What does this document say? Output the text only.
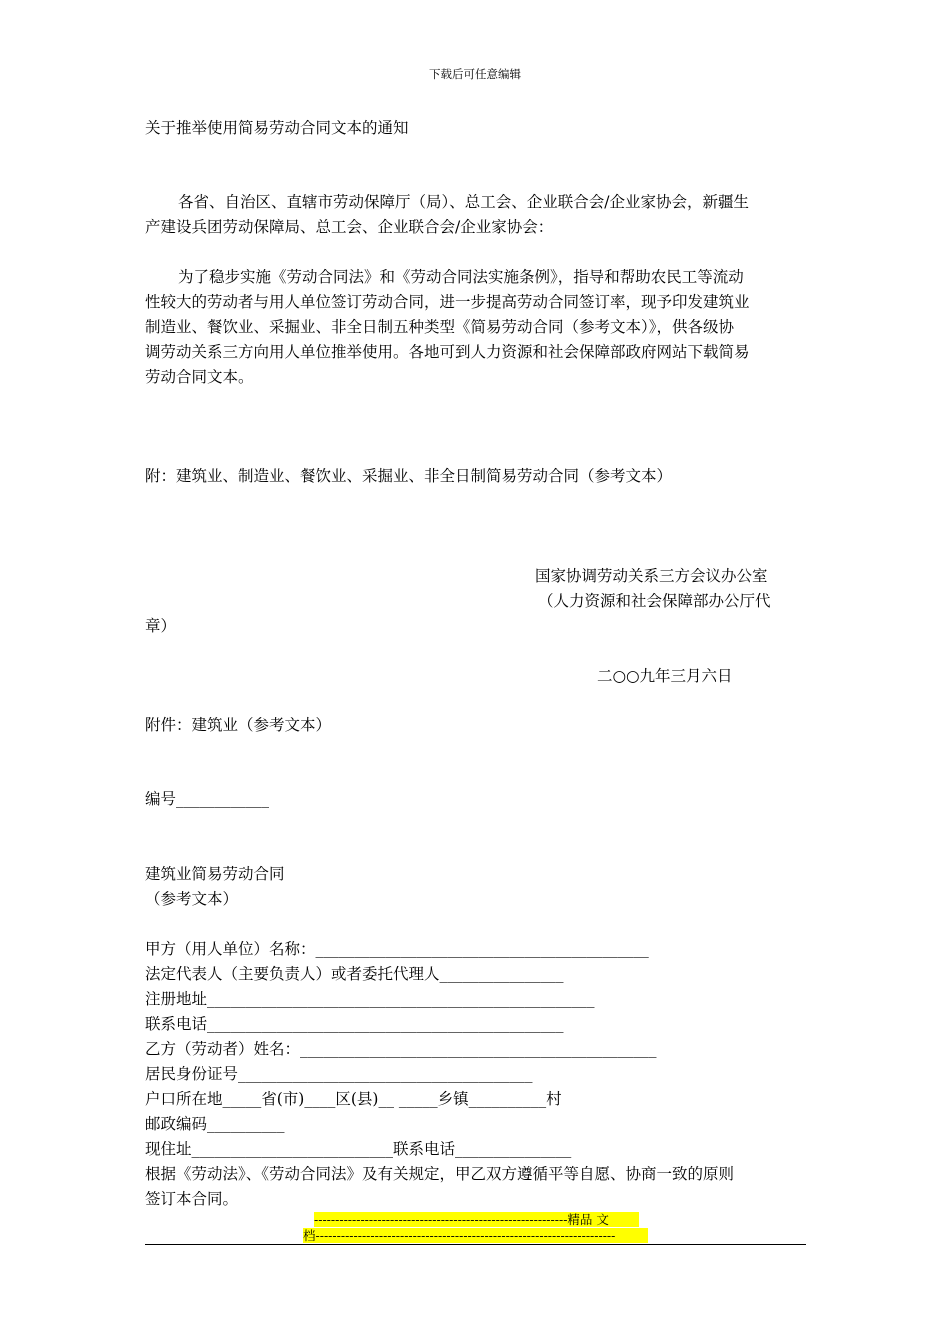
下载后可任意编辑
关于推举使用简易劳动合同文本的通知
各省、自治区、直辖市劳动保障厅（局）、总工会、企业联合会/企业家协会，新疆生
产建设兵团劳动保障局、总工会、企业联合会/企业家协会：
为了稳步实施《劳动合同法》和《劳动合同法实施条例》，指导和帮助农民工等流动
性较大的劳动者与用人单位签订劳动合同，进一步提高劳动合同签订率，现予印发建筑业
制造业、餐饮业、采掘业、非全日制五种类型《简易劳动合同（参考文本）》，供各级协
调劳动关系三方向用人单位推举使用。各地可到人力资源和社会保障部政府网站下载简易
劳动合同文本。
附：建筑业、制造业、餐饮业、采掘业、非全日制简易劳动合同（参考文本）
国家协调劳动关系三方会议办公室
（人力资源和社会保障部办公厅代
章）
二○○九年三月六日
附件：建筑业（参考文本）
编号____________
建筑业简易劳动合同
（参考文本）
甲方（用人单位）名称：___________________________________________
法定代表人（主要负责人）或者委托代理人________________
注册地址__________________________________________________
联系电话______________________________________________
乙方（劳动者）姓名：______________________________________________
居民身份证号______________________________________
户口所在地_____省(市)____区(县)__ _____乡镇__________村
邮政编码__________
现住址__________________________联系电话_______________
根据《劳动法》、《劳动合同法》及有关规定，甲乙双方遵循平等自愿、协商一致的原则
签订本合同。
------------------------------------------------------------精品 文
档-----------------------------------------------------------------------
